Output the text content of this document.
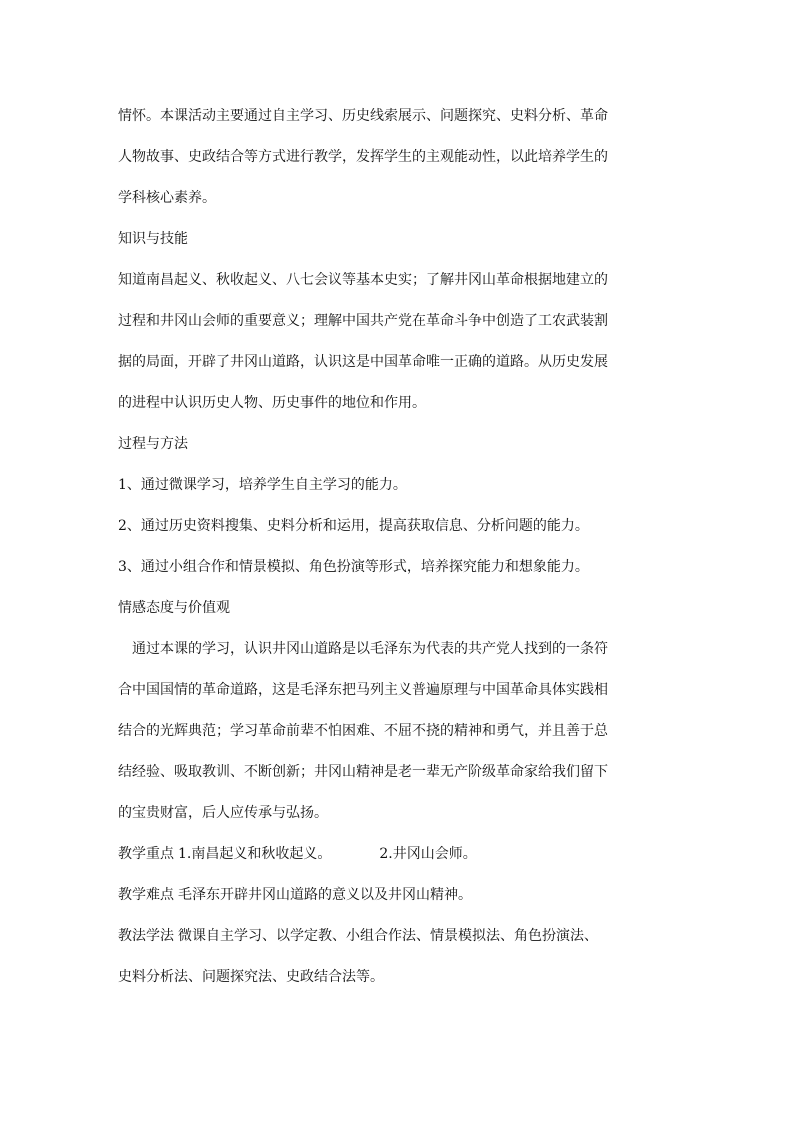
情怀。本课活动主要通过自主学习、历史线索展示、问题探究、史料分析、革命

人物故事、史政结合等方式进行教学，发挥学生的主观能动性，以此培养学生的

学科核心素养。

知识与技能

知道南昌起义、秋收起义、八七会议等基本史实；了解井冈山革命根据地建立的

过程和井冈山会师的重要意义；理解中国共产党在革命斗争中创造了工农武装割

据的局面，开辟了井冈山道路，认识这是中国革命唯一正确的道路。从历史发展

的进程中认识历史人物、历史事件的地位和作用。

过程与方法

1、通过微课学习，培养学生自主学习的能力。

2、通过历史资料搜集、史料分析和运用，提高获取信息、分析问题的能力。

3、通过小组合作和情景模拟、角色扮演等形式，培养探究能力和想象能力。

情感态度与价值观

通过本课的学习，认识井冈山道路是以毛泽东为代表的共产党人找到的一条符

合中国国情的革命道路，这是毛泽东把马列主义普遍原理与中国革命具体实践相

结合的光辉典范；学习革命前辈不怕困难、不屈不挠的精神和勇气，并且善于总

结经验、吸取教训、不断创新；井冈山精神是老一辈无产阶级革命家给我们留下

的宝贵财富，后人应传承与弘扬。

教学重点 1.南昌起义和秋收起义。	2.井冈山会师。

教学难点 毛泽东开辟井冈山道路的意义以及井冈山精神。

教法学法 微课自主学习、以学定教、小组合作法、情景模拟法、角色扮演法、

史料分析法、问题探究法、史政结合法等。
